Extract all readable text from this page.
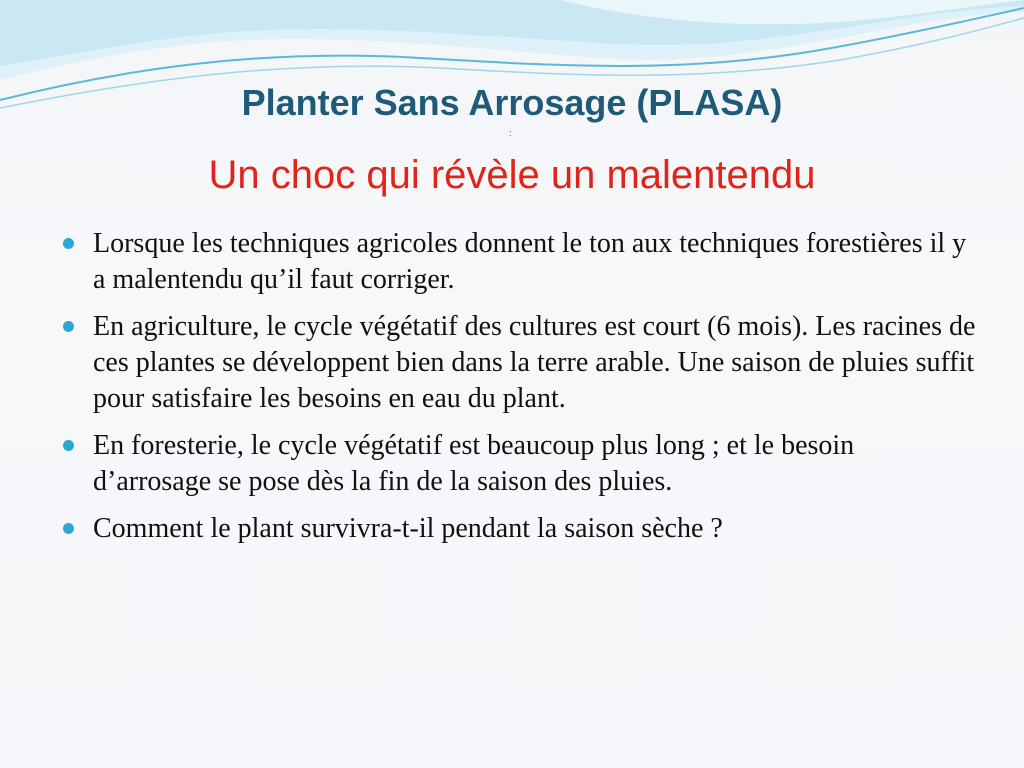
Planter Sans Arrosage (PLASA)
:
Un choc qui révèle un malentendu
Lorsque les techniques agricoles donnent le ton aux techniques forestières il y a malentendu qu’il faut corriger.
En agriculture, le cycle végétatif des cultures est court (6 mois). Les racines de ces plantes se développent bien dans la terre arable. Une saison de pluies suffit pour satisfaire les besoins en eau du plant.
En foresterie, le cycle végétatif est beaucoup plus long ; et le besoin d’arrosage se pose dès la fin de la saison des pluies.
Comment le plant survivra-t-il pendant la saison sèche ?
